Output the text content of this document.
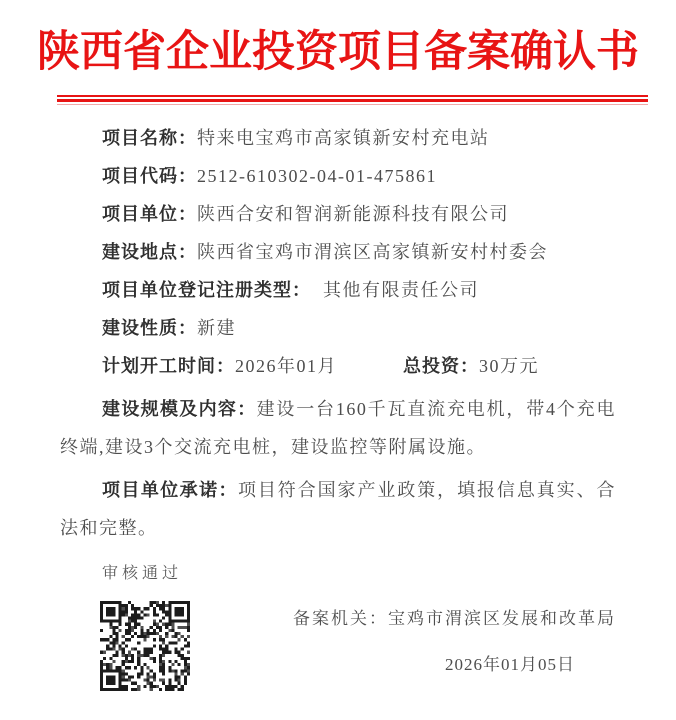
陕西省企业投资项目备案确认书
项目名称：特来电宝鸡市高家镇新安村充电站
项目代码：2512-610302-04-01-475861
项目单位：陕西合安和智润新能源科技有限公司
建设地点：陕西省宝鸡市渭滨区高家镇新安村村委会
项目单位登记注册类型：  其他有限责任公司
建设性质：新建
计划开工时间：2026年01月	总投资：30万元
建设规模及内容：建设一台160千瓦直流充电机，带4个充电终端,建设3个交流充电桩，建设监控等附属设施。
项目单位承诺：项目符合国家产业政策，填报信息真实、合法和完整。
审核通过
备案机关：宝鸡市渭滨区发展和改革局
2026年01月05日
